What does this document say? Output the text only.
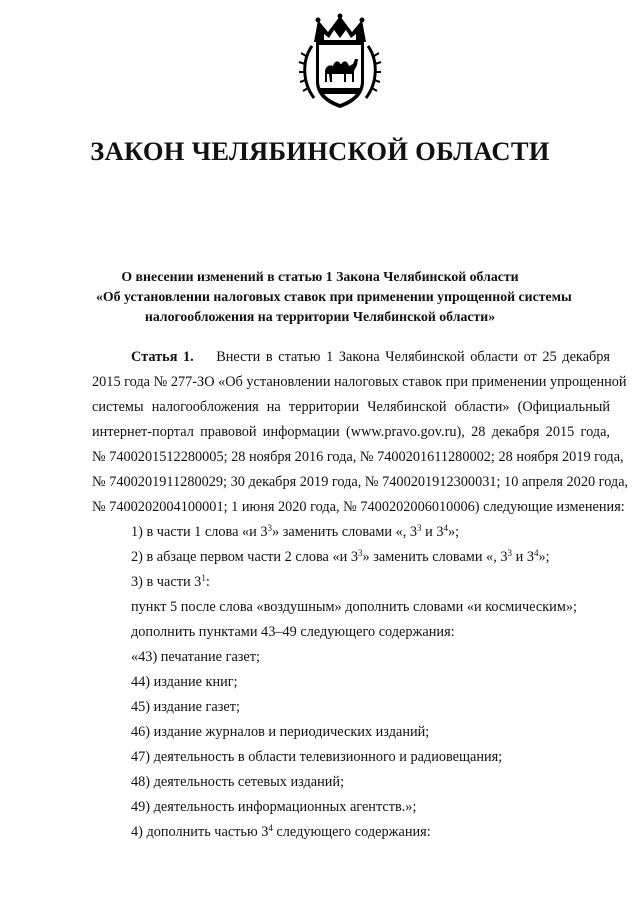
ЗАКОН ЧЕЛЯБИНСКОЙ ОБЛАСТИ
О внесении изменений в статью 1 Закона Челябинской области
«Об установлении налоговых ставок при применении упрощенной системы
налогообложения на территории Челябинской области»
Статья 1. Внести в статью 1 Закона Челябинской области от 25 декабря
2015 года № 277-ЗО «Об установлении налоговых ставок при применении упрощенной
системы налогообложения на территории Челябинской области» (Официальный
интернет-портал правовой информации (www.pravo.gov.ru), 28 декабря 2015 года,
№ 7400201512280005; 28 ноября 2016 года, № 7400201611280002; 28 ноября 2019 года,
№ 7400201911280029; 30 декабря 2019 года, № 7400201912300031; 10 апреля 2020 года,
№ 7400202004100001; 1 июня 2020 года, № 7400202006010006) следующие изменения:
1) в части 1 слова «и $3^3$» заменить словами «, $3^3$ и $3^4$»;
2) в абзаце первом части 2 слова «и $3^3$» заменить словами «, $3^3$ и $3^4$»;
3) в части $3^1$:
пункт 5 после слова «воздушным» дополнить словами «и космическим»;
дополнить пунктами 43–49 следующего содержания:
«43) печатание газет;
44) издание книг;
45) издание газет;
46) издание журналов и периодических изданий;
47) деятельность в области телевизионного и радиовещания;
48) деятельность сетевых изданий;
49) деятельность информационных агентств.»;
4) дополнить частью $3^4$ следующего содержания:
